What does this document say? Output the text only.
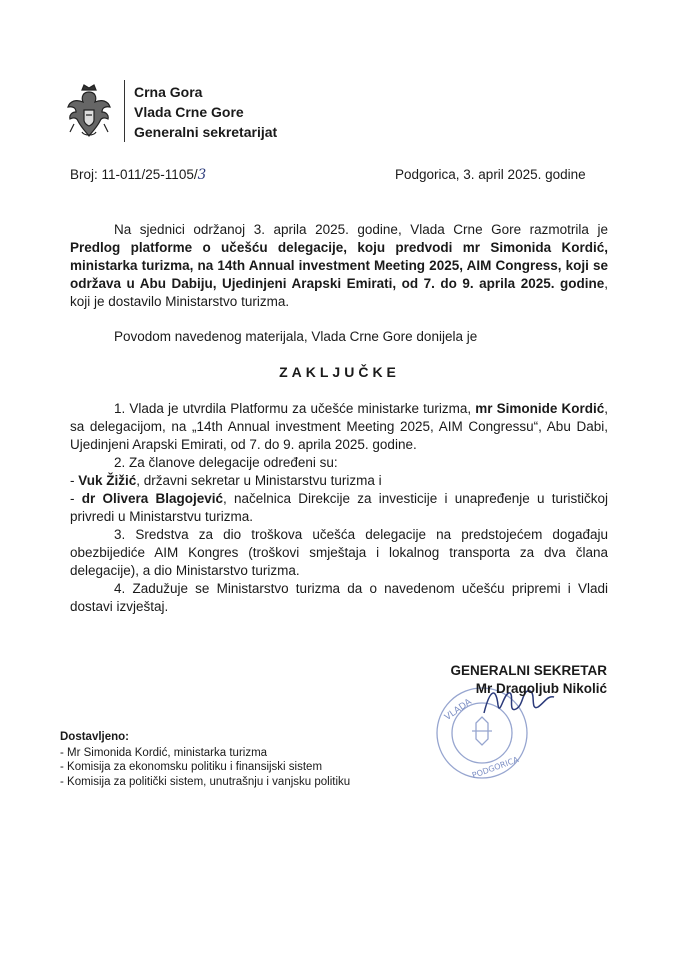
Crna Gora
Vlada Crne Gore
Generalni sekretarijat
Broj: 11-011/25-1105/3	Podgorica, 3. april 2025. godine

Na sjednici održanoj 3. aprila 2025. godine, Vlada Crne Gore razmotrila je Predlog platforme o učešću delegacije, koju predvodi mr Simonida Kordić, ministarka turizma, na 14th Annual investment Meeting 2025, AIM Congress, koji se održava u Abu Dabiju, Ujedinjeni Arapski Emirati, od 7. do 9. aprila 2025. godine, koji je dostavilo Ministarstvo turizma.

Povodom navedenog materijala, Vlada Crne Gore donijela je
ZAKLJUČKE

1. Vlada je utvrdila Platformu za učešće ministarke turizma, mr Simonide Kordić, sa delegacijom, na „14th Annual investment Meeting 2025, AIM Congressu“, Abu Dabi, Ujedinjeni Arapski Emirati, od 7. do 9. aprila 2025. godine.

2. Za članove delegacije određeni su:

- Vuk Žižić, državni sekretar u Ministarstvu turizma i

- dr Olivera Blagojević, načelnica Direkcije za investicije i unapređenje u turističkoj privredi u Ministarstvu turizma.

3. Sredstva za dio troškova učešća delegacije na predstojećem događaju obezbijediće AIM Kongres (troškovi smještaja i lokalnog transporta za dva člana delegacije), a dio Ministarstvo turizma.

4. Zadužuje se Ministarstvo turizma da o navedenom učešću pripremi i Vladi dostavi izvještaj.

VLADA
PODGORICA
GENERALNI SEKRETAR
Mr Dragoljub Nikolić
Dostavljeno:
- Mr Simonida Kordić, ministarka turizma
- Komisija za ekonomsku politiku i finansijski sistem
- Komisija za politički sistem, unutrašnju i vanjsku politiku
